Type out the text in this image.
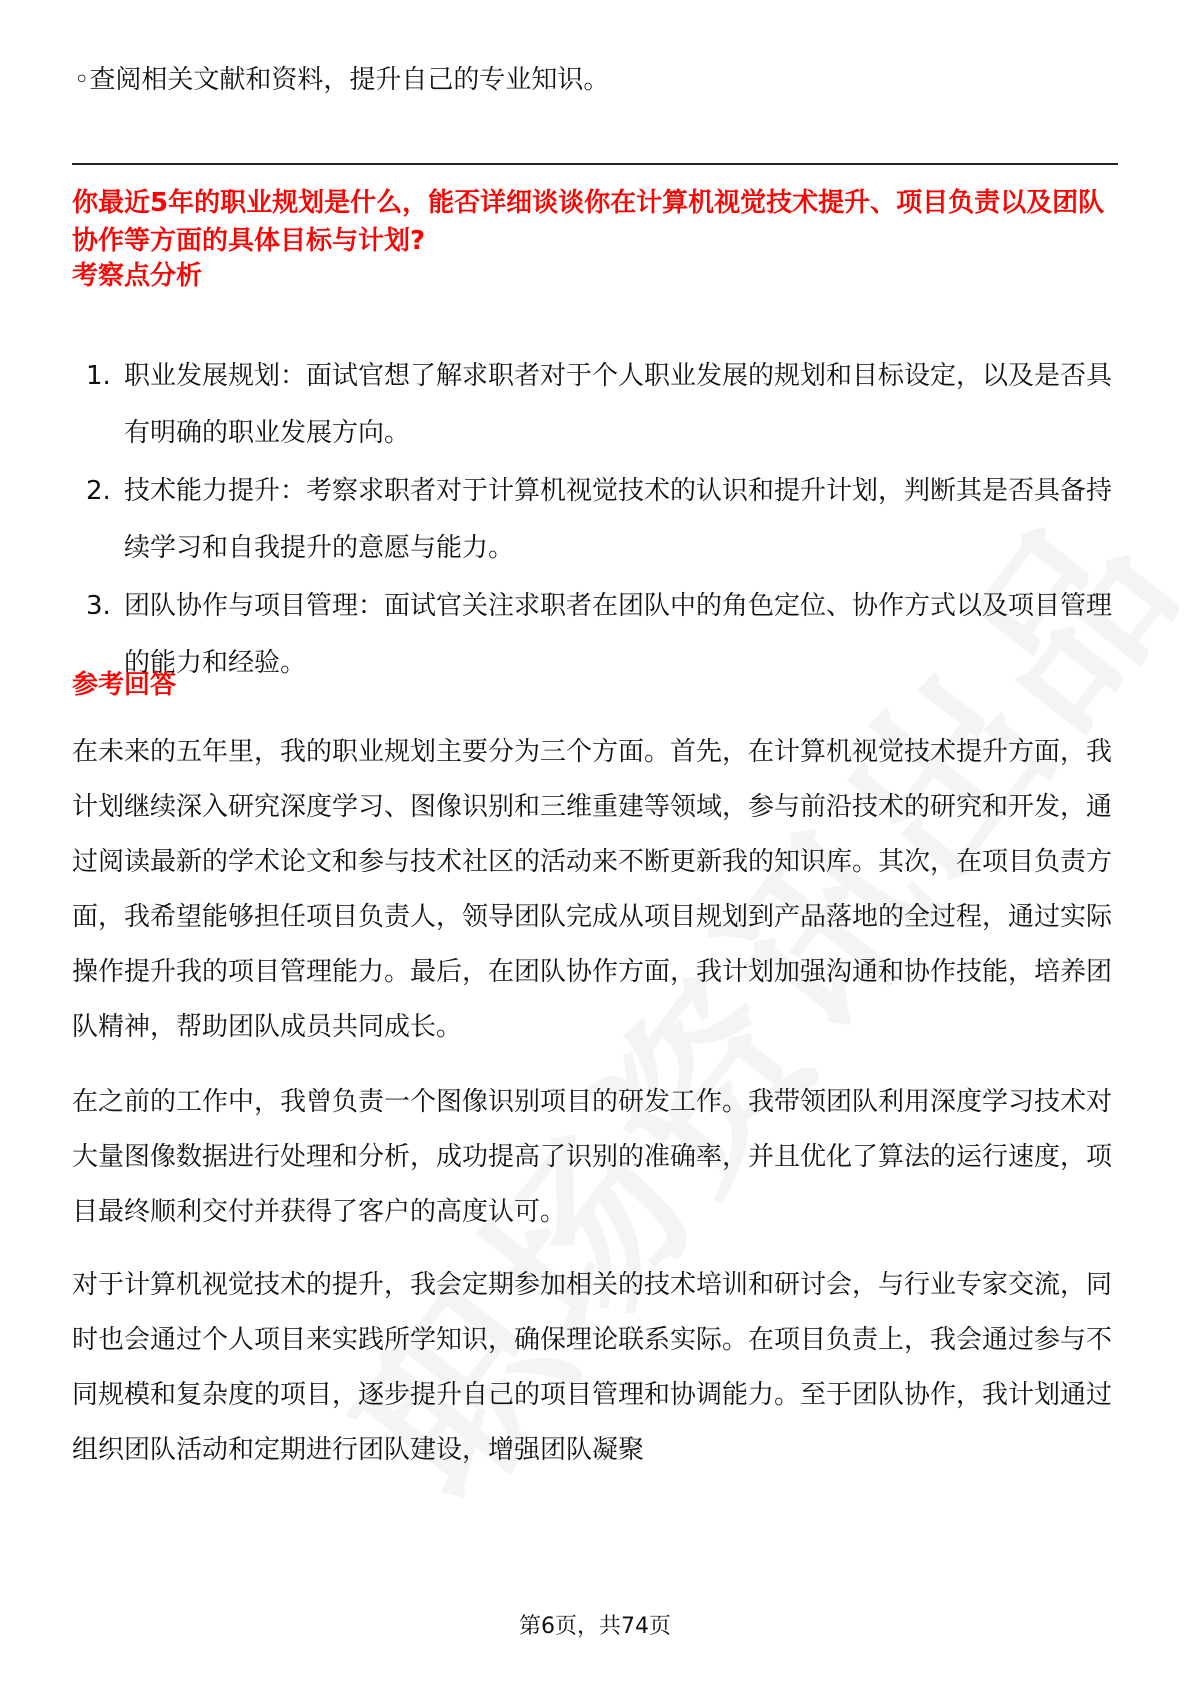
◦查阅相关文献和资料，提升自己的专业知识。
你最近5年的职业规划是什么，能否详细谈谈你在计算机视觉技术提升、项目负责以及团队协作等方面的具体目标与计划?
考察点分析
1. 职业发展规划：面试官想了解求职者对于个人职业发展的规划和目标设定，以及是否具有明确的职业发展方向。
2. 技术能力提升：考察求职者对于计算机视觉技术的认识和提升计划，判断其是否具备持续学习和自我提升的意愿与能力。
3. 团队协作与项目管理：面试官关注求职者在团队中的角色定位、协作方式以及项目管理的能力和经验。
参考回答

在未来的五年里，我的职业规划主要分为三个方面。首先，在计算机视觉技术提升方面，我计划继续深入研究深度学习、图像识别和三维重建等领域，参与前沿技术的研究和开发，通过阅读最新的学术论文和参与技术社区的活动来不断更新我的知识库。其次，在项目负责方面，我希望能够担任项目负责人，领导团队完成从项目规划到产品落地的全过程，通过实际操作提升我的项目管理能力。最后，在团队协作方面，我计划加强沟通和协作技能，培养团队精神，帮助团队成员共同成长。

在之前的工作中，我曾负责一个图像识别项目的研发工作。我带领团队利用深度学习技术对大量图像数据进行处理和分析，成功提高了识别的准确率，并且优化了算法的运行速度，项目最终顺利交付并获得了客户的高度认可。

对于计算机视觉技术的提升，我会定期参加相关的技术培训和研讨会，与行业专家交流，同时也会通过个人项目来实践所学知识，确保理论联系实际。在项目负责上，我会通过参与不同规模和复杂度的项目，逐步提升自己的项目管理和协调能力。至于团队协作，我计划通过组织团队活动和定期进行团队建设，增强团队凝聚

第6页，共74页
